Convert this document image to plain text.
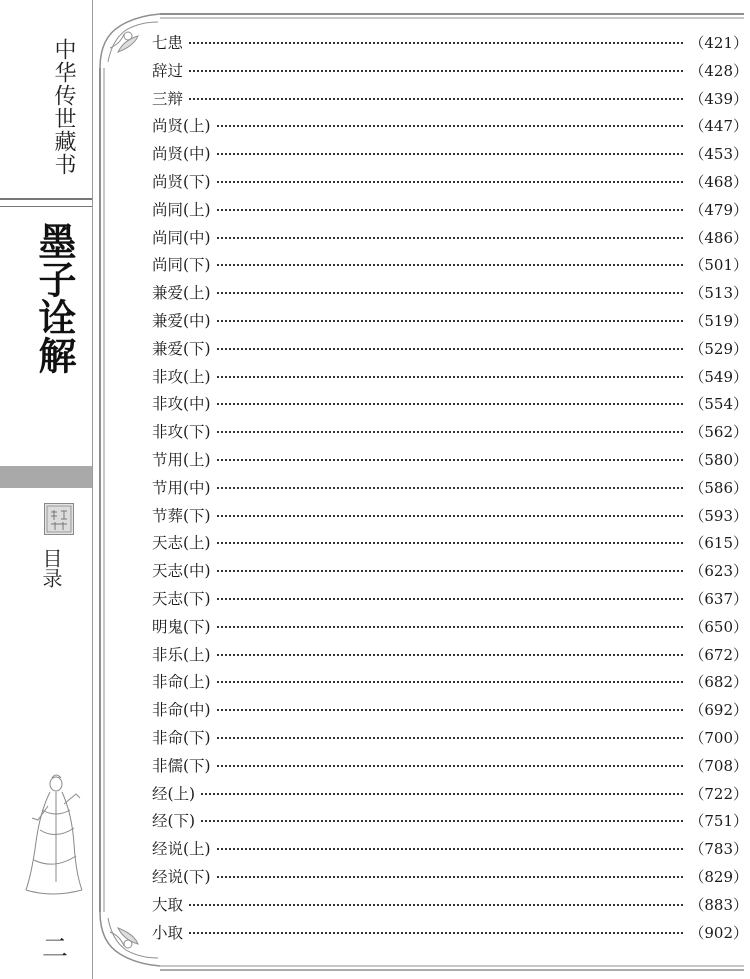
中华传世藏书
墨子诠解
目录
二
七患	（421）
辞过	（428）
三辩	（439）
尚贤(上)	（447）
尚贤(中)	（453）
尚贤(下)	（468）
尚同(上)	（479）
尚同(中)	（486）
尚同(下)	（501）
兼爱(上)	（513）
兼爱(中)	（519）
兼爱(下)	（529）
非攻(上)	（549）
非攻(中)	（554）
非攻(下)	（562）
节用(上)	（580）
节用(中)	（586）
节葬(下)	（593）
天志(上)	（615）
天志(中)	（623）
天志(下)	（637）
明鬼(下)	（650）
非乐(上)	（672）
非命(上)	（682）
非命(中)	（692）
非命(下)	（700）
非儒(下)	（708）
经(上)	（722）
经(下)	（751）
经说(上)	（783）
经说(下)	（829）
大取	（883）
小取	（902）
